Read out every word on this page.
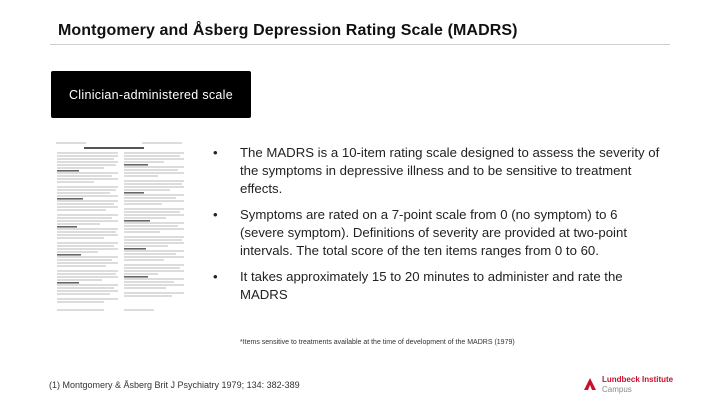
Montgomery and Åsberg Depression Rating Scale (MADRS)
Clinician-administered scale
• The MADRS is a 10-item rating scale designed to assess the severity of the symptoms in depressive illness and to be sensitive to treatment effects.
• Symptoms are rated on a 7-point scale from 0 (no symptom) to 6 (severe symptom). Definitions of severity are provided at two-point intervals. The total score of the ten items ranges from 0 to 60.
• It takes approximately 15 to 20 minutes to administer and rate the MADRS
*Items sensitive to treatments available at the time of development of the MADRS (1979)
(1) Montgomery & Åsberg Brit J Psychiatry 1979; 134: 382-389
Lundbeck Institute
Campus
